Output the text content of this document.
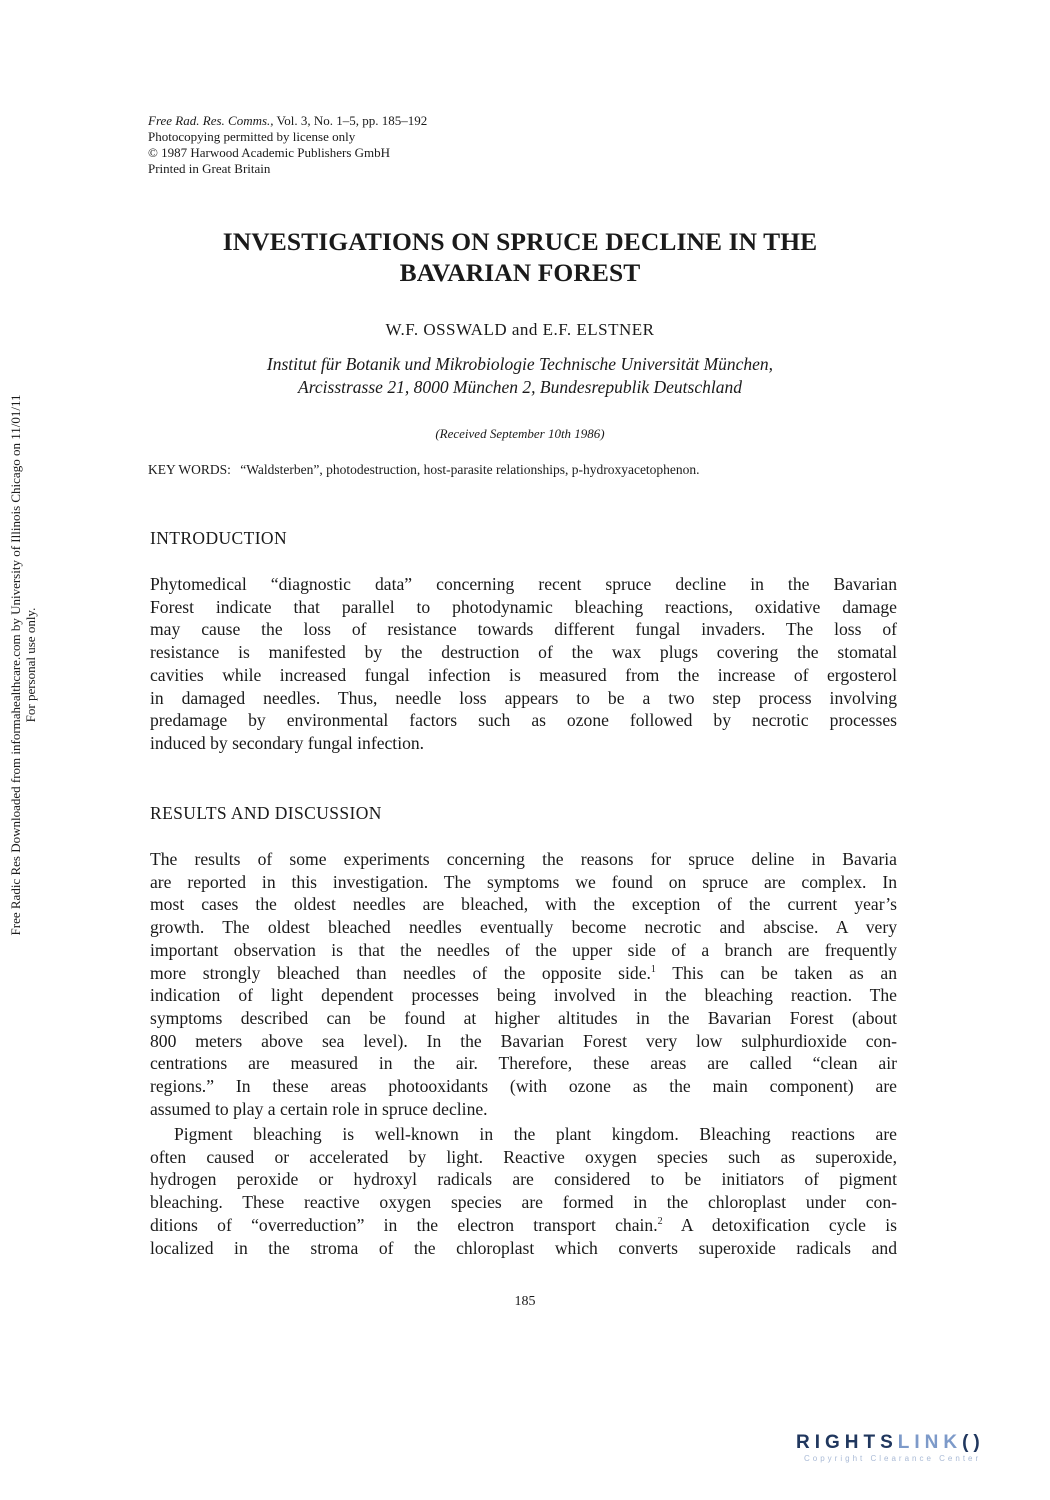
Free Rad. Res. Comms., Vol. 3, No. 1–5, pp. 185–192
Photocopying permitted by license only
© 1987 Harwood Academic Publishers GmbH
Printed in Great Britain
INVESTIGATIONS ON SPRUCE DECLINE IN THE
BAVARIAN FOREST
W.F. OSSWALD and E.F. ELSTNER
Institut für Botanik und Mikrobiologie Technische Universität München,
Arcisstrasse 21, 8000 München 2, Bundesrepublik Deutschland
(Received September 10th 1986)
KEY WORDS: “Waldsterben”, photodestruction, host-parasite relationships, p-hydroxyacetophenon.
INTRODUCTION
Phytomedical “diagnostic data” concerning recent spruce decline in the Bavarian
Forest indicate that parallel to photodynamic bleaching reactions, oxidative damage
may cause the loss of resistance towards different fungal invaders. The loss of
resistance is manifested by the destruction of the wax plugs covering the stomatal
cavities while increased fungal infection is measured from the increase of ergosterol
in damaged needles. Thus, needle loss appears to be a two step process involving
predamage by environmental factors such as ozone followed by necrotic processes
induced by secondary fungal infection.
RESULTS AND DISCUSSION
The results of some experiments concerning the reasons for spruce deline in Bavaria
are reported in this investigation. The symptoms we found on spruce are complex. In
most cases the oldest needles are bleached, with the exception of the current year’s
growth. The oldest bleached needles eventually become necrotic and abscise. A very
important observation is that the needles of the upper side of a branch are frequently
more strongly bleached than needles of the opposite side.$^1$ This can be taken as an
indication of light dependent processes being involved in the bleaching reaction. The
symptoms described can be found at higher altitudes in the Bavarian Forest (about
800 meters above sea level). In the Bavarian Forest very low sulphurdioxide con-
centrations are measured in the air. Therefore, these areas are called “clean air
regions.” In these areas photooxidants (with ozone as the main component) are
assumed to play a certain role in spruce decline.
Pigment bleaching is well-known in the plant kingdom. Bleaching reactions are
often caused or accelerated by light. Reactive oxygen species such as superoxide,
hydrogen peroxide or hydroxyl radicals are considered to be initiators of pigment
bleaching. These reactive oxygen species are formed in the chloroplast under con-
ditions of “overreduction” in the electron transport chain.$^2$ A detoxification cycle is
localized in the stroma of the chloroplast which converts superoxide radicals and
185
Free Radic Res Downloaded from informahealthcare.com by University of Illinois Chicago on 11/01/11 For personal use only.
RIGHTSLINK()
Copyright Clearance Center
